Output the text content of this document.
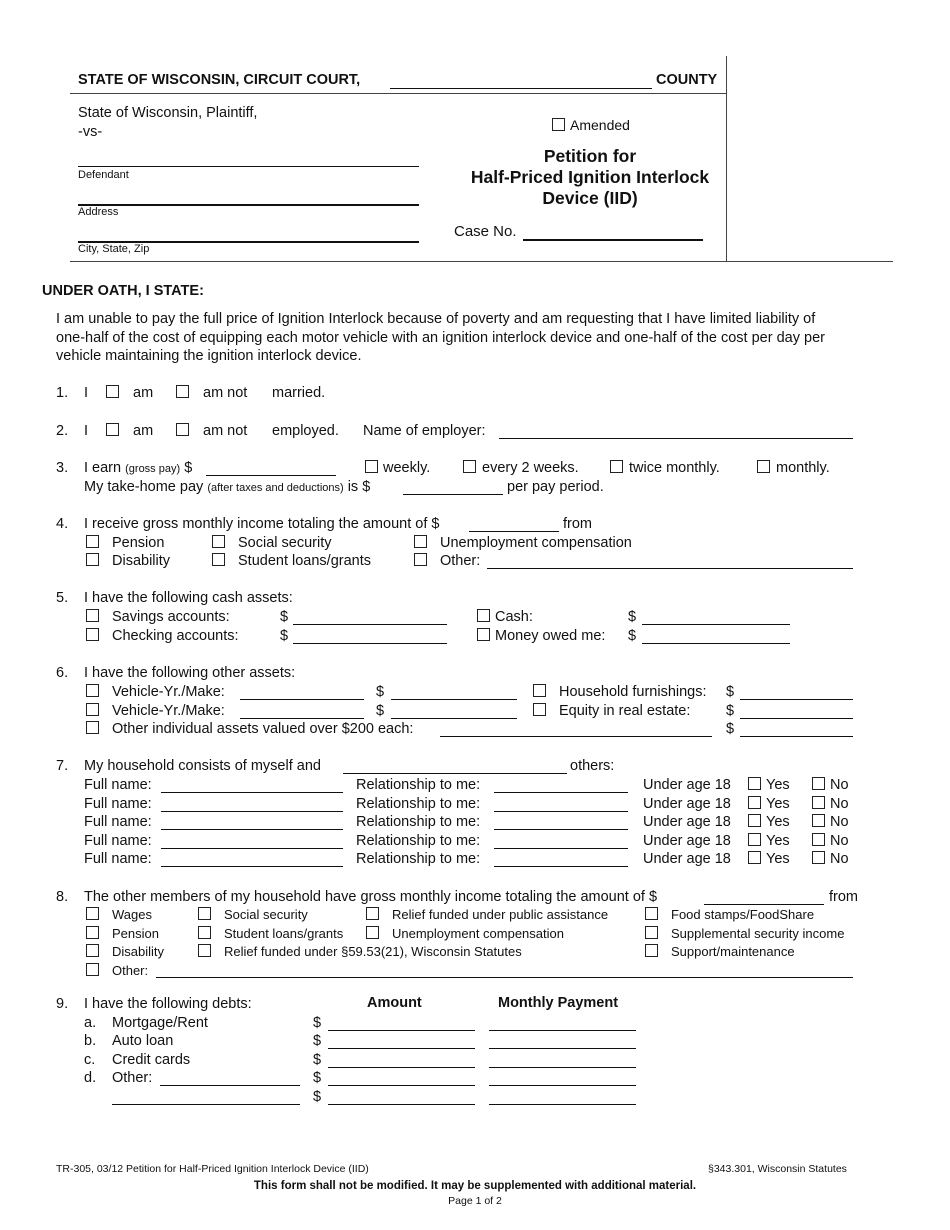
STATE OF WISCONSIN, CIRCUIT COURT,	COUNTY
State of Wisconsin, Plaintiff,
-vs-
Defendant
Address
City, State, Zip
Amended
Petition for
Half-Priced Ignition Interlock
Device (IID)
Case No.
UNDER OATH, I STATE:
I am unable to pay the full price of Ignition Interlock because of poverty and am requesting that I have limited liability of
one-half of the cost of equipping each motor vehicle with an ignition interlock device and one-half of the cost per day per
vehicle maintaining the ignition interlock device.
1. I	am	am not married.
2. I	am	am not employed. Name of employer:
3. I earn (gross pay) $	weekly.	every 2 weeks.	twice monthly.	monthly.
My take-home pay (after taxes and deductions) is $	per pay period.
4. I receive gross monthly income totaling the amount of $	from
Pension	Social security	Unemployment compensation
Disability	Student loans/grants	Other:
5. I have the following cash assets:
Savings accounts:	$	Cash:	$
Checking accounts:	$	Money owed me: $
6. I have the following other assets:
Vehicle-Yr./Make:	$	Household furnishings: $
Vehicle-Yr./Make:	$	Equity in real estate: $
Other individual assets valued over $200 each:	$
7. My household consists of myself and	others:
Full name:	Relationship to me:	Under age 18 Yes	No
Full name:	Relationship to me:	Under age 18 Yes	No
Full name:	Relationship to me:	Under age 18 Yes	No
Full name:	Relationship to me:	Under age 18 Yes	No
Full name:	Relationship to me:	Under age 18 Yes	No
8. The other members of my household have gross monthly income totaling the amount of $	from
Wages	Social security	Relief funded under public assistance	Food stamps/FoodShare
Pension	Student loans/grants	Unemployment compensation	Supplemental security income
Disability	Relief funded under §59.53(21), Wisconsin Statutes	Support/maintenance
Other:
9. I have the following debts:	Amount	Monthly Payment
a. Mortgage/Rent	$
b. Auto loan	$
c. Credit cards	$
d. Other:	$
$
TR-305, 03/12 Petition for Half-Priced Ignition Interlock Device (IID)	§343.301, Wisconsin Statutes
This form shall not be modified. It may be supplemented with additional material.
Page 1 of 2
